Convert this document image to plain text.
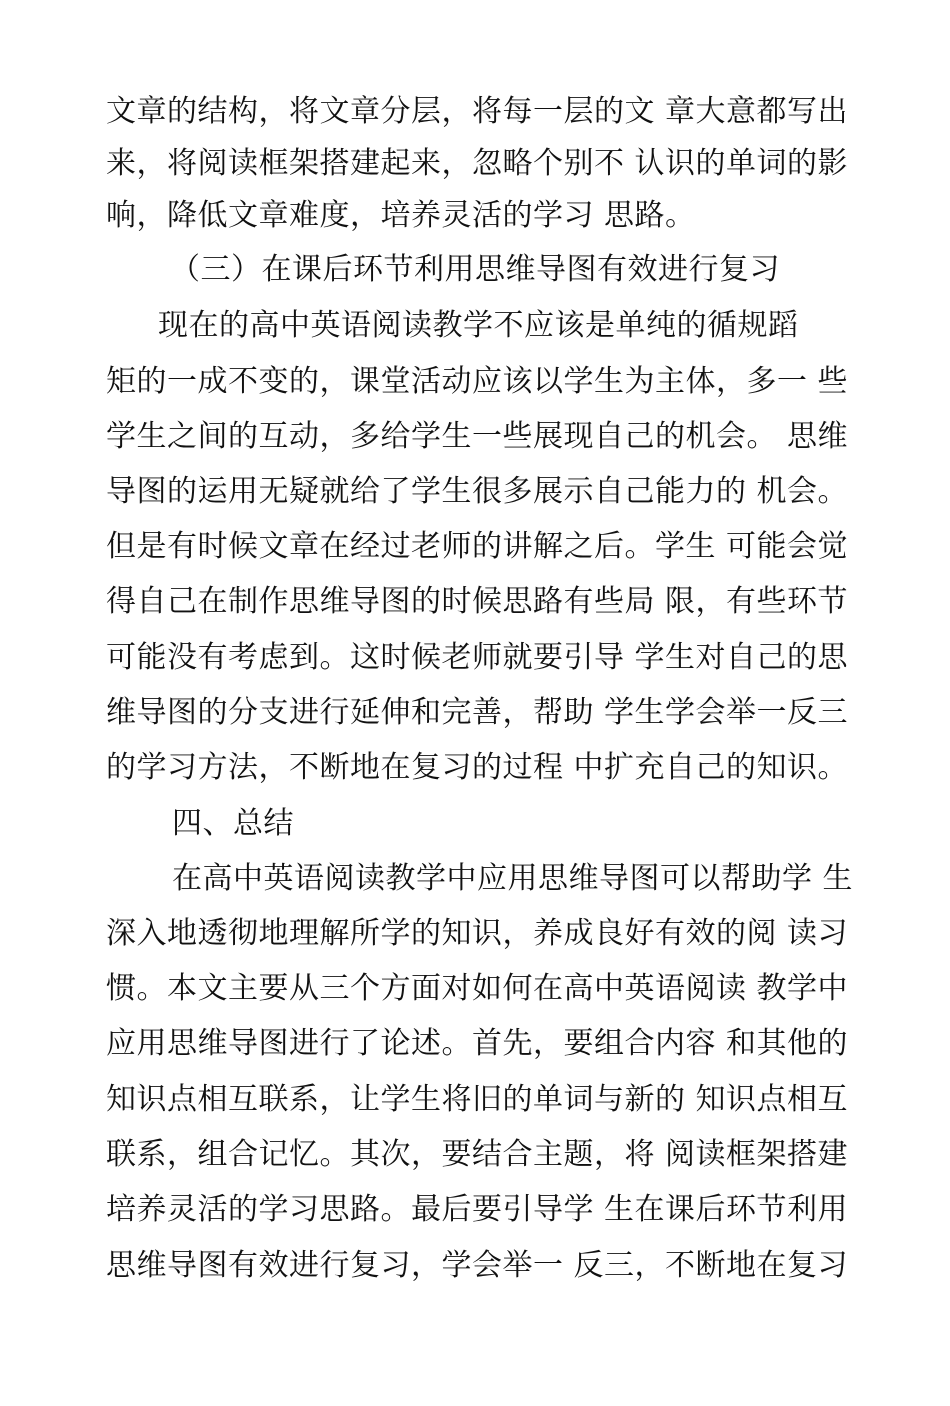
文章的结构，将文章分层，将每一层的文 章大意都写出
来，将阅读框架搭建起来，忽略个别不 认识的单词的影
响，降低文章难度，培养灵活的学习 思路。
（三）在课后环节利用思维导图有效进行复习
现在的高中英语阅读教学不应该是单纯的循规蹈
矩的一成不变的，课堂活动应该以学生为主体，多一 些
学生之间的互动，多给学生一些展现自己的机会。 思维
导图的运用无疑就给了学生很多展示自己能力的 机会。
但是有时候文章在经过老师的讲解之后。学生 可能会觉
得自己在制作思维导图的时候思路有些局 限，有些环节
可能没有考虑到。这时候老师就要引导 学生对自己的思
维导图的分支进行延伸和完善，帮助 学生学会举一反三
的学习方法，不断地在复习的过程 中扩充自己的知识。
四、总结
在高中英语阅读教学中应用思维导图可以帮助学 生
深入地透彻地理解所学的知识，养成良好有效的阅 读习
惯。本文主要从三个方面对如何在高中英语阅读 教学中
应用思维导图进行了论述。首先，要组合内容 和其他的
知识点相互联系，让学生将旧的单词与新的 知识点相互
联系，组合记忆。其次，要结合主题，将 阅读框架搭建
培养灵活的学习思路。最后要引导学 生在课后环节利用
思维导图有效进行复习，学会举一 反三，不断地在复习
